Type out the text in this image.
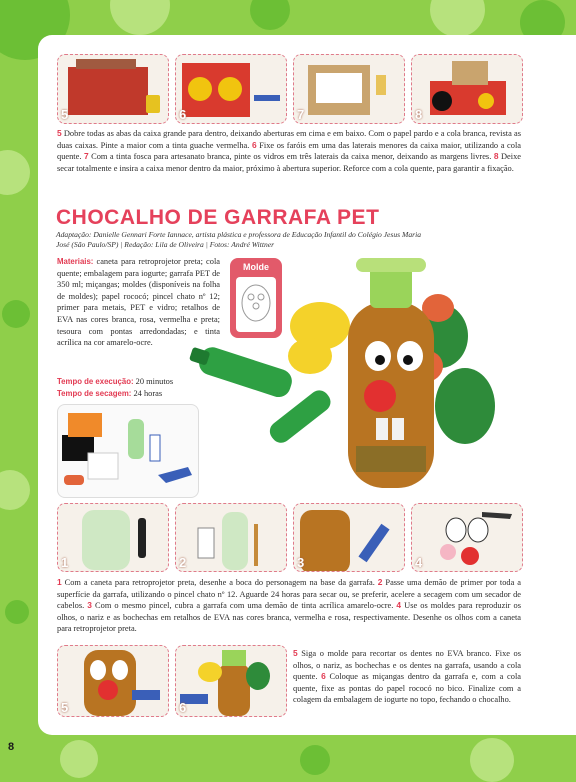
5	6	7	8

5 Dobre todas as abas da caixa grande para dentro, deixando aberturas em cima e em baixo. Com o papel pardo e a cola branca, revista as duas caixas. Pinte a maior com a tinta guache vermelha. 6 Fixe os faróis em uma das laterais menores da caixa maior, utilizando a cola quente. 7 Com a tinta fosca para artesanato branca, pinte os vidros em três laterais da caixa menor, deixando as margens livres. 8 Deixe secar totalmente e insira a caixa menor dentro da maior, próximo à abertura superior. Reforce com a cola quente, para garantir a fixação.

CHOCALHO DE GARRAFA PET
Adaptação: Danielle Gennari Forte Iannace, artista plástica e professora de Educação Infantil do Colégio Jesus Maria
José (São Paulo/SP) | Redação: Lila de Oliveira | Fotos: André Wittner

Materiais: caneta para retroprojetor preta; cola quente; embalagem para iogurte; garrafa PET de 350 ml; miçangas; moldes (disponíveis na folha de moldes); papel rococó; pincel chato nº 12; primer para metais, PET e vidro; retalhos de EVA nas cores branca, rosa, vermelha e preta; tesoura com pontas arredondadas; e tinta acrílica na cor amarelo-ocre.

Molde
Tempo de execução: 20 minutos
Tempo de secagem: 24 horas
1	2	3	4

1 Com a caneta para retroprojetor preta, desenhe a boca do personagem na base da garrafa. 2 Passe uma demão de primer por toda a superfície da garrafa, utilizando o pincel chato nº 12. Aguarde 24 horas para secar ou, se preferir, acelere a secagem com um secador de cabelos. 3 Com o mesmo pincel, cubra a garrafa com uma demão de tinta acrílica amarelo-ocre. 4 Use os moldes para reproduzir os olhos, o nariz e as bochechas em retalhos de EVA nas cores branca, vermelha e rosa, respectivamente. Desenhe os olhos com a caneta para retroprojetor preta.

5	6

5 Siga o molde para recortar os dentes no EVA branco. Fixe os olhos, o nariz, as bochechas e os dentes na garrafa, usando a cola quente. 6 Coloque as miçangas dentro da garrafa e, com a cola quente, fixe as pontas do papel rococó no bico. Finalize com a colagem da embalagem de iogurte no topo, fechando o chocalho.

8
